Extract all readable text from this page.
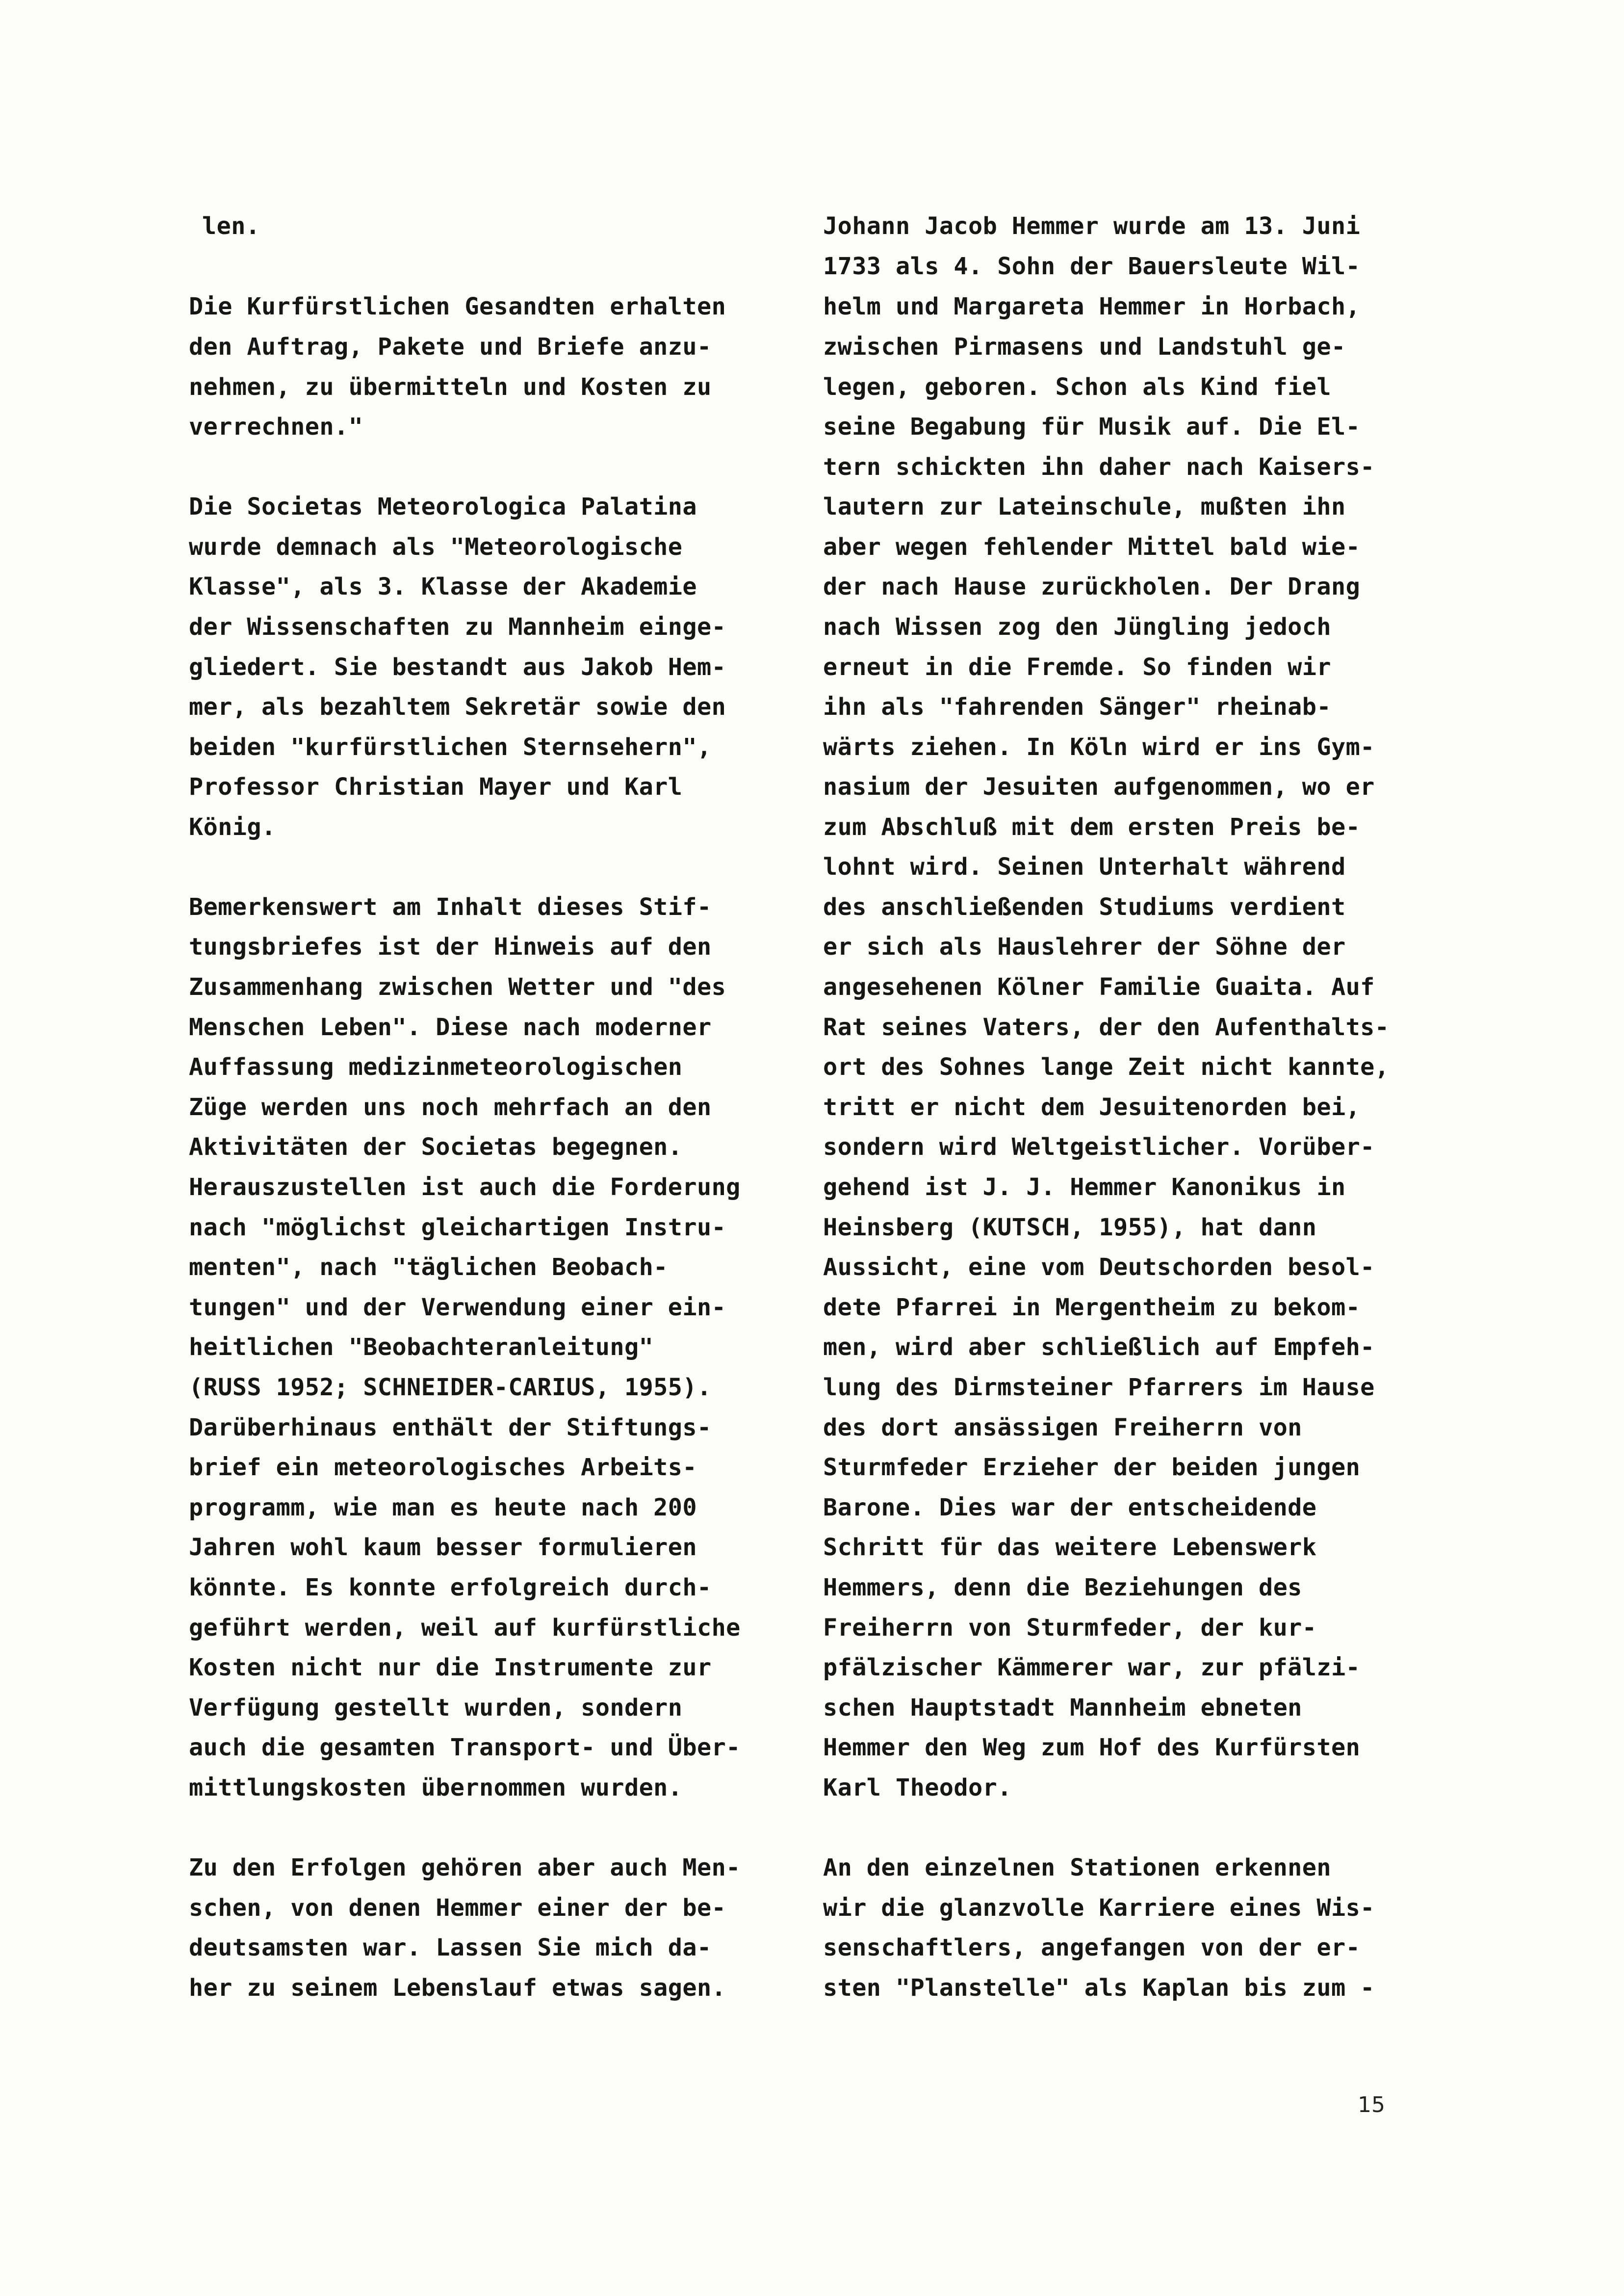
len.
Die Kurfürstlichen Gesandten erhalten
den Auftrag, Pakete und Briefe anzu-
nehmen, zu übermitteln und Kosten zu
verrechnen."
Die Societas Meteorologica Palatina
wurde demnach als "Meteorologische
Klasse", als 3. Klasse der Akademie
der Wissenschaften zu Mannheim einge-
gliedert. Sie bestandt aus Jakob Hem-
mer, als bezahltem Sekretär sowie den
beiden "kurfürstlichen Sternsehern",
Professor Christian Mayer und Karl
König.
Bemerkenswert am Inhalt dieses Stif-
tungsbriefes ist der Hinweis auf den
Zusammenhang zwischen Wetter und "des
Menschen Leben". Diese nach moderner
Auffassung medizinmeteorologischen
Züge werden uns noch mehrfach an den
Aktivitäten der Societas begegnen.
Herauszustellen ist auch die Forderung
nach "möglichst gleichartigen Instru-
menten", nach "täglichen Beobach-
tungen" und der Verwendung einer ein-
heitlichen "Beobachteranleitung"
(RUSS 1952; SCHNEIDER-CARIUS, 1955).
Darüberhinaus enthält der Stiftungs-
brief ein meteorologisches Arbeits-
programm, wie man es heute nach 200
Jahren wohl kaum besser formulieren
könnte. Es konnte erfolgreich durch-
geführt werden, weil auf kurfürstliche
Kosten nicht nur die Instrumente zur
Verfügung gestellt wurden, sondern
auch die gesamten Transport- und Über-
mittlungskosten übernommen wurden.
Zu den Erfolgen gehören aber auch Men-
schen, von denen Hemmer einer der be-
deutsamsten war. Lassen Sie mich da-
her zu seinem Lebenslauf etwas sagen.
Johann Jacob Hemmer wurde am 13. Juni
1733 als 4. Sohn der Bauersleute Wil-
helm und Margareta Hemmer in Horbach,
zwischen Pirmasens und Landstuhl ge-
legen, geboren. Schon als Kind fiel
seine Begabung für Musik auf. Die El-
tern schickten ihn daher nach Kaisers-
lautern zur Lateinschule, mußten ihn
aber wegen fehlender Mittel bald wie-
der nach Hause zurückholen. Der Drang
nach Wissen zog den Jüngling jedoch
erneut in die Fremde. So finden wir
ihn als "fahrenden Sänger" rheinab-
wärts ziehen. In Köln wird er ins Gym-
nasium der Jesuiten aufgenommen, wo er
zum Abschluß mit dem ersten Preis be-
lohnt wird. Seinen Unterhalt während
des anschließenden Studiums verdient
er sich als Hauslehrer der Söhne der
angesehenen Kölner Familie Guaita. Auf
Rat seines Vaters, der den Aufenthalts-
ort des Sohnes lange Zeit nicht kannte,
tritt er nicht dem Jesuitenorden bei,
sondern wird Weltgeistlicher. Vorüber-
gehend ist J. J. Hemmer Kanonikus in
Heinsberg (KUTSCH, 1955), hat dann
Aussicht, eine vom Deutschorden besol-
dete Pfarrei in Mergentheim zu bekom-
men, wird aber schließlich auf Empfeh-
lung des Dirmsteiner Pfarrers im Hause
des dort ansässigen Freiherrn von
Sturmfeder Erzieher der beiden jungen
Barone. Dies war der entscheidende
Schritt für das weitere Lebenswerk
Hemmers, denn die Beziehungen des
Freiherrn von Sturmfeder, der kur-
pfälzischer Kämmerer war, zur pfälzi-
schen Hauptstadt Mannheim ebneten
Hemmer den Weg zum Hof des Kurfürsten
Karl Theodor.
An den einzelnen Stationen erkennen
wir die glanzvolle Karriere eines Wis-
senschaftlers, angefangen von der er-
sten "Planstelle" als Kaplan bis zum -
15
